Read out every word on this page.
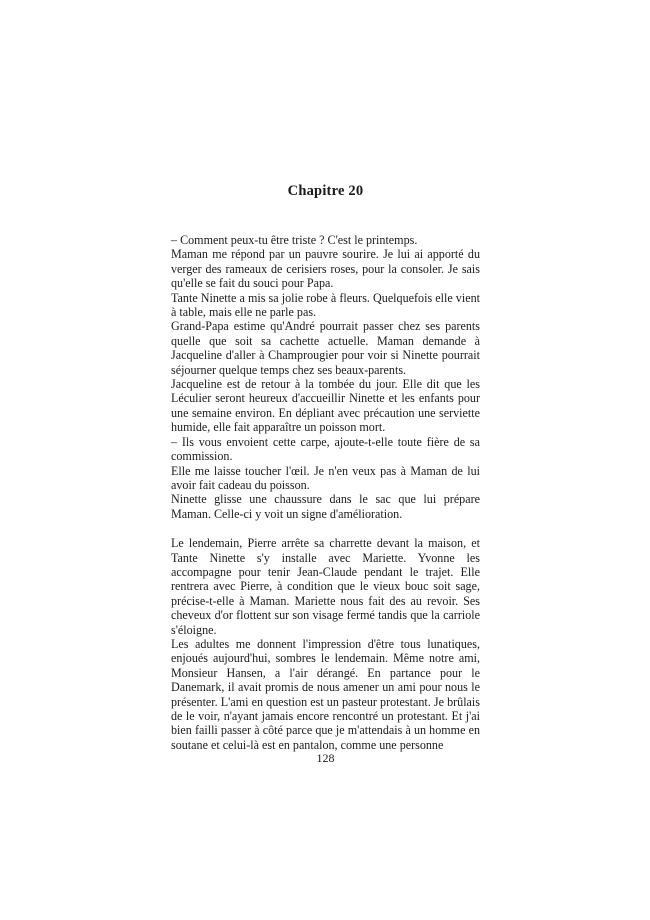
Chapitre 20

– Comment peux-tu être triste ? C'est le printemps.

Maman me répond par un pauvre sourire. Je lui ai apporté du verger des rameaux de cerisiers roses, pour la consoler. Je sais qu'elle se fait du souci pour Papa.

Tante Ninette a mis sa jolie robe à fleurs. Quelquefois elle vient à table, mais elle ne parle pas.

Grand-Papa estime qu'André pourrait passer chez ses parents quelle que soit sa cachette actuelle. Maman demande à Jacqueline d'aller à Champrougier pour voir si Ninette pourrait séjourner quelque temps chez ses beaux-parents.

Jacqueline est de retour à la tombée du jour. Elle dit que les Léculier seront heureux d'accueillir Ninette et les enfants pour une semaine environ. En dépliant avec précaution une serviette humide, elle fait apparaître un poisson mort.

– Ils vous envoient cette carpe, ajoute-t-elle toute fière de sa commission.

Elle me laisse toucher l'œil. Je n'en veux pas à Maman de lui avoir fait cadeau du poisson.

Ninette glisse une chaussure dans le sac que lui prépare Maman. Celle-ci y voit un signe d'amélioration.

Le lendemain, Pierre arrête sa charrette devant la maison, et Tante Ninette s'y installe avec Mariette. Yvonne les accompagne pour tenir Jean-Claude pendant le trajet. Elle rentrera avec Pierre, à condition que le vieux bouc soit sage, précise-t-elle à Maman. Mariette nous fait des au revoir. Ses cheveux d'or flottent sur son visage fermé tandis que la carriole s'éloigne.

Les adultes me donnent l'impression d'être tous lunatiques, enjoués aujourd'hui, sombres le lendemain. Même notre ami, Monsieur Hansen, a l'air dérangé. En partance pour le Danemark, il avait promis de nous amener un ami pour nous le présenter. L'ami en question est un pasteur protestant. Je brûlais de le voir, n'ayant jamais encore rencontré un protestant. Et j'ai bien failli passer à côté parce que je m'attendais à un homme en soutane et celui-là est en pantalon, comme une personne

128
